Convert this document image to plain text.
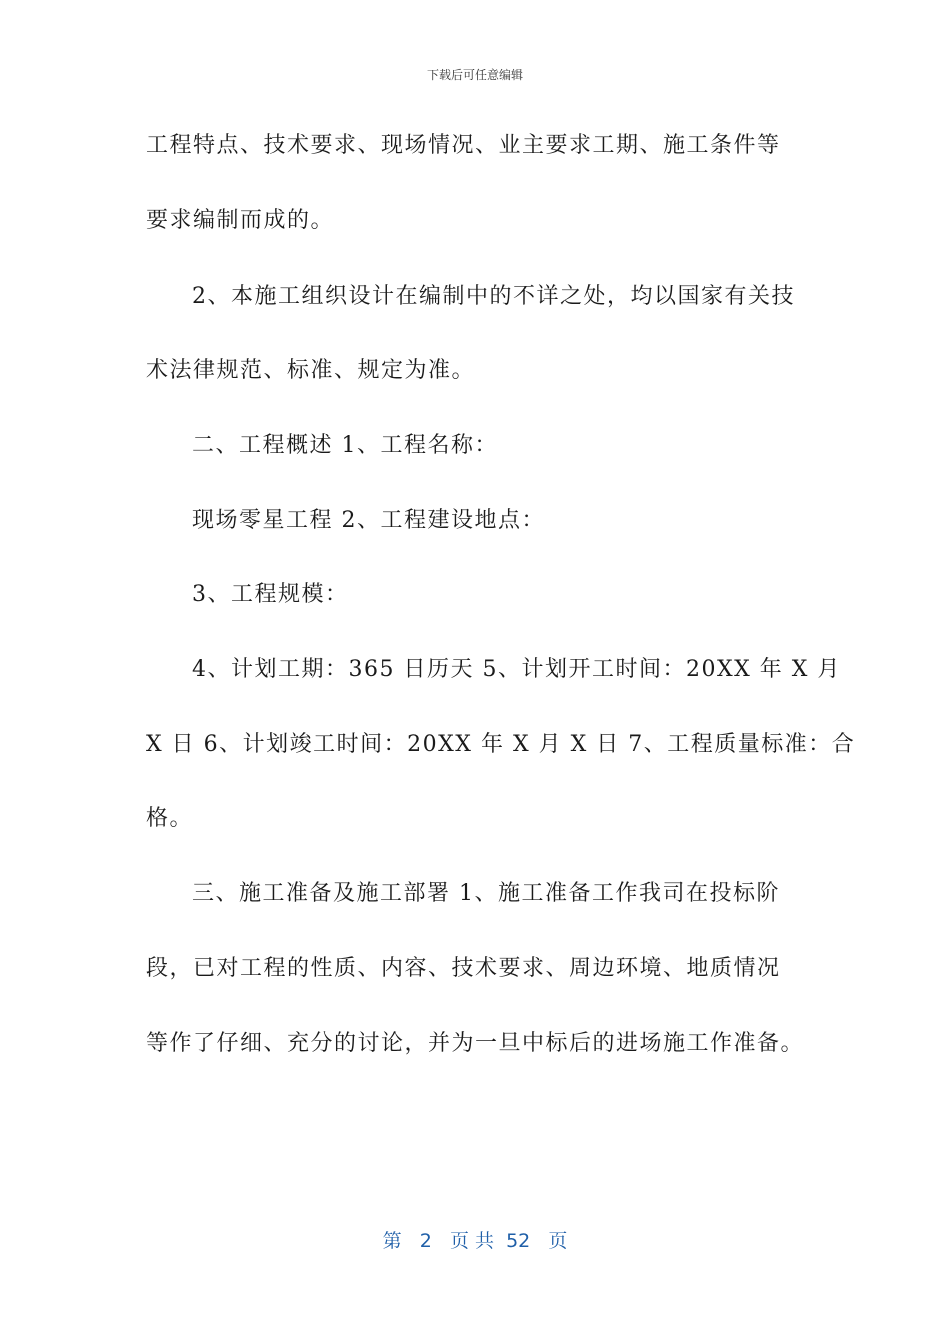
下载后可任意编辑
工程特点、技术要求、现场情况、业主要求工期、施工条件等
要求编制而成的。
2、本施工组织设计在编制中的不详之处，均以国家有关技
术法律规范、标准、规定为准。
二、工程概述 1、工程名称：
现场零星工程 2、工程建设地点：
3、工程规模：
4、计划工期：365 日历天 5、计划开工时间：20XX 年 X 月
X 日 6、计划竣工时间：20XX 年 X 月 X 日 7、工程质量标准：合
格。
三、施工准备及施工部署 1、施工准备工作我司在投标阶
段，已对工程的性质、内容、技术要求、周边环境、地质情况
等作了仔细、充分的讨论，并为一旦中标后的进场施工作准备。
第 2 页 共 52 页
